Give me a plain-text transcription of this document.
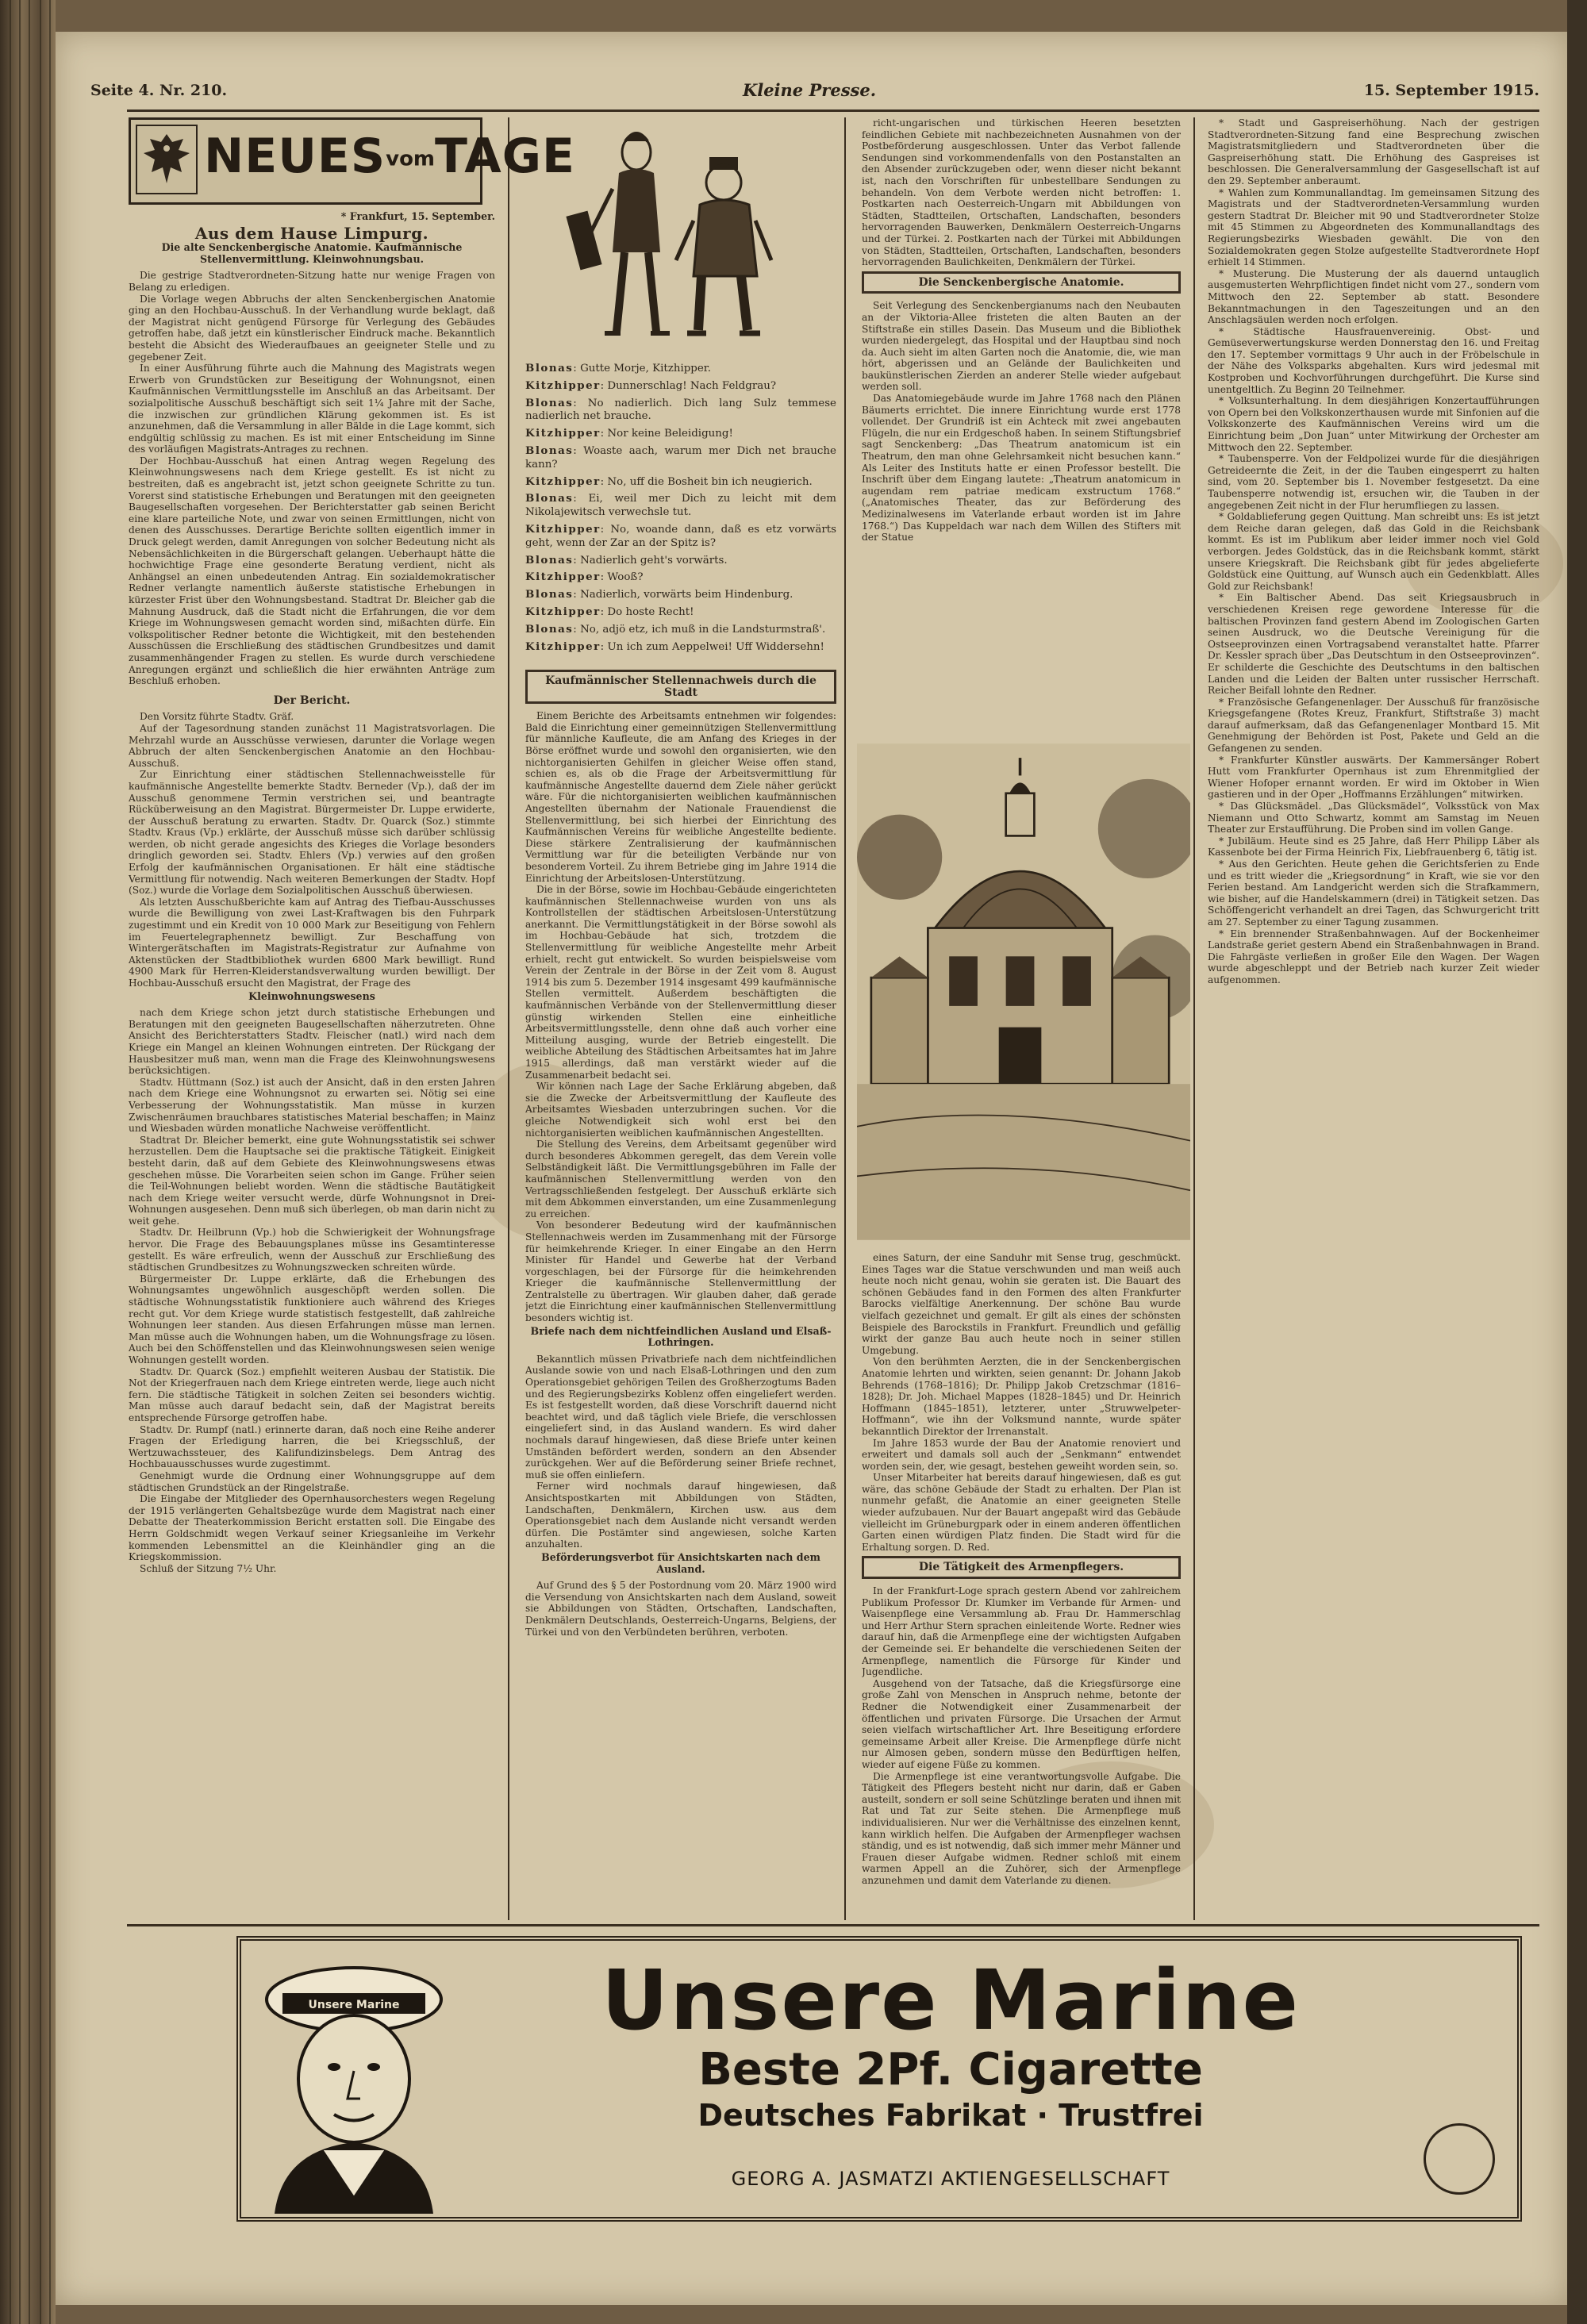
Seite 4. Nr. 210.	Kleine Presse.	15. September 1915.
NEUESvomTAGE
* Frankfurt, 15. September.
Aus dem Hause Limpurg.
Die alte Senckenbergische Anatomie. Kaufmännische Stellenvermittlung. Kleinwohnungsbau.

Die gestrige Stadtverordneten-Sitzung hatte nur wenige Fragen von Belang zu erledigen.

Die Vorlage wegen Abbruchs der alten Senckenbergischen Anatomie ging an den Hochbau-Ausschuß. In der Verhandlung wurde beklagt, daß der Magistrat nicht genügend Fürsorge für Verlegung des Gebäudes getroffen habe, daß jetzt ein künstlerischer Eindruck mache. Bekanntlich besteht die Absicht des Wiederaufbaues an geeigneter Stelle und zu gegebener Zeit.

In einer Ausführung führte auch die Mahnung des Magistrats wegen Erwerb von Grundstücken zur Beseitigung der Wohnungsnot, einen Kaufmännischen Vermittlungsstelle im Anschluß an das Arbeitsamt. Der sozialpolitische Ausschuß beschäftigt sich seit 1¼ Jahre mit der Sache, die inzwischen zur gründlichen Klärung gekommen ist. Es ist anzunehmen, daß die Versammlung in aller Bälde in die Lage kommt, sich endgültig schlüssig zu machen. Es ist mit einer Entscheidung im Sinne des vorläufigen Magistrats-Antrages zu rechnen.

Der Hochbau-Ausschuß hat einen Antrag wegen Regelung des Kleinwohnungswesens nach dem Kriege gestellt. Es ist nicht zu bestreiten, daß es angebracht ist, jetzt schon geeignete Schritte zu tun. Vorerst sind statistische Erhebungen und Beratungen mit den geeigneten Baugesellschaften vorgesehen. Der Berichterstatter gab seinen Bericht eine klare parteiliche Note, und zwar von seinen Ermittlungen, nicht von denen des Ausschusses. Derartige Berichte sollten eigentlich immer in Druck gelegt werden, damit Anregungen von solcher Bedeutung nicht als Nebensächlichkeiten in die Bürgerschaft gelangen. Ueberhaupt hätte die hochwichtige Frage eine gesonderte Beratung verdient, nicht als Anhängsel an einen unbedeutenden Antrag. Ein sozialdemokratischer Redner verlangte namentlich äußerste statistische Erhebungen in kürzester Frist über den Wohnungsbestand. Stadtrat Dr. Bleicher gab die Mahnung Ausdruck, daß die Stadt nicht die Erfahrungen, die vor dem Kriege im Wohnungswesen gemacht worden sind, mißachten dürfe. Ein volkspolitischer Redner betonte die Wichtigkeit, mit den bestehenden Ausschüssen die Erschließung des städtischen Grundbesitzes und damit zusammenhängender Fragen zu stellen. Es wurde durch verschiedene Anregungen ergänzt und schließlich die hier erwähnten Anträge zum Beschluß erhoben.

Der Bericht.

Den Vorsitz führte Stadtv. Gräf.

Auf der Tagesordnung standen zunächst 11 Magistratsvorlagen. Die Mehrzahl wurde an Ausschüsse verwiesen, darunter die Vorlage wegen Abbruch der alten Senckenbergischen Anatomie an den Hochbau-Ausschuß.

Zur Einrichtung einer städtischen Stellennachweisstelle für kaufmännische Angestellte bemerkte Stadtv. Berneder (Vp.), daß der im Ausschuß genommene Termin verstrichen sei, und beantragte Rücküberweisung an den Magistrat. Bürgermeister Dr. Luppe erwiderte, der Ausschuß beratung zu erwarten. Stadtv. Dr. Quarck (Soz.) stimmte Stadtv. Kraus (Vp.) erklärte, der Ausschuß müsse sich darüber schlüssig werden, ob nicht gerade angesichts des Krieges die Vorlage besonders dringlich geworden sei. Stadtv. Ehlers (Vp.) verwies auf den großen Erfolg der kaufmännischen Organisationen. Er hält eine städtische Vermittlung für notwendig. Nach weiteren Bemerkungen der Stadtv. Hopf (Soz.) wurde die Vorlage dem Sozialpolitischen Ausschuß überwiesen.

Als letzten Ausschußberichte kam auf Antrag des Tiefbau-Ausschusses wurde die Bewilligung von zwei Last-Kraftwagen bis den Fuhrpark zugestimmt und ein Kredit von 10 000 Mark zur Beseitigung von Fehlern im Feuertelegraphennetz bewilligt. Zur Beschaffung von Wintergerätschaften im Magistrats-Registratur zur Aufnahme von Aktenstücken der Stadtbibliothek wurden 6800 Mark bewilligt. Rund 4900 Mark für Herren-Kleiderstandsverwaltung wurden bewilligt. Der Hochbau-Ausschuß ersucht den Magistrat, der Frage des

Kleinwohnungswesens

nach dem Kriege schon jetzt durch statistische Erhebungen und Beratungen mit den geeigneten Baugesellschaften näherzutreten. Ohne Ansicht des Berichterstatters Stadtv. Fleischer (natl.) wird nach dem Kriege ein Mangel an kleinen Wohnungen eintreten. Der Rückgang der Hausbesitzer muß man, wenn man die Frage des Kleinwohnungswesens berücksichtigen.

Stadtv. Hüttmann (Soz.) ist auch der Ansicht, daß in den ersten Jahren nach dem Kriege eine Wohnungsnot zu erwarten sei. Nötig sei eine Verbesserung der Wohnungsstatistik. Man müsse in kurzen Zwischenräumen brauchbares statistisches Material beschaffen; in Mainz und Wiesbaden würden monatliche Nachweise veröffentlicht.

Stadtrat Dr. Bleicher bemerkt, eine gute Wohnungsstatistik sei schwer herzustellen. Dem die Hauptsache sei die praktische Tätigkeit. Einigkeit besteht darin, daß auf dem Gebiete des Kleinwohnungswesens etwas geschehen müsse. Die Vorarbeiten seien schon im Gange. Früher seien die Teil-Wohnungen beliebt worden. Wenn die städtische Bautätigkeit nach dem Kriege weiter versucht werde, dürfe Wohnungsnot in Drei-Wohnungen ausgesehen. Denn muß sich überlegen, ob man darin nicht zu weit gehe.

Stadtv. Dr. Heilbrunn (Vp.) hob die Schwierigkeit der Wohnungsfrage hervor. Die Frage des Bebauungsplanes müsse ins Gesamtinteresse gestellt. Es wäre erfreulich, wenn der Ausschuß zur Erschließung des städtischen Grundbesitzes zu Wohnungszwecken schreiten würde.

Bürgermeister Dr. Luppe erklärte, daß die Erhebungen des Wohnungsamtes ungewöhnlich ausgeschöpft werden sollen. Die städtische Wohnungsstatistik funktioniere auch während des Krieges recht gut. Vor dem Kriege wurde statistisch festgestellt, daß zahlreiche Wohnungen leer standen. Aus diesen Erfahrungen müsse man lernen. Man müsse auch die Wohnungen haben, um die Wohnungsfrage zu lösen. Auch bei den Schöffenstellen und das Kleinwohnungswesen seien wenige Wohnungen gestellt worden.

Stadtv. Dr. Quarck (Soz.) empfiehlt weiteren Ausbau der Statistik. Die Not der Kriegerfrauen nach dem Kriege eintreten werde, liege auch nicht fern. Die städtische Tätigkeit in solchen Zeiten sei besonders wichtig. Man müsse auch darauf bedacht sein, daß der Magistrat bereits entsprechende Fürsorge getroffen habe.

Stadtv. Dr. Rumpf (natl.) erinnerte daran, daß noch eine Reihe anderer Fragen der Erledigung harren, die bei Kriegsschluß, der Wertzuwachssteuer, des Kalifundizinsbelegs. Dem Antrag des Hochbauausschusses wurde zugestimmt.

Genehmigt wurde die Ordnung einer Wohnungsgruppe auf dem städtischen Grundstück an der Ringelstraße.

Die Eingabe der Mitglieder des Opernhausorchesters wegen Regelung der 1915 verlängerten Gehaltsbezüge wurde dem Magistrat nach einer Debatte der Theaterkommission Bericht erstatten soll. Die Eingabe des Herrn Goldschmidt wegen Verkauf seiner Kriegsanleihe im Verkehr kommenden Lebensmittel an die Kleinhändler ging an die Kriegskommission.

Schluß der Sitzung 7½ Uhr.

Blonas: Gutte Morje, Kitzhipper.

Kitzhipper: Dunnerschlag! Nach Feldgrau?

Blonas: No nadierlich. Dich lang Sulz temmese nadierlich net brauche.

Kitzhipper: Nor keine Beleidigung!

Blonas: Woaste aach, warum mer Dich net brauche kann?

Kitzhipper: No, uff die Bosheit bin ich neugierich.

Blonas: Ei, weil mer Dich zu leicht mit dem Nikolajewitsch verwechsle tut.

Kitzhipper: No, woande dann, daß es etz vorwärts geht, wenn der Zar an der Spitz is?

Blonas: Nadierlich geht's vorwärts.

Kitzhipper: Wooß?

Blonas: Nadierlich, vorwärts beim Hindenburg.

Kitzhipper: Do hoste Recht!

Blonas: No, adjö etz, ich muß in die Landsturmstraß'.

Kitzhipper: Un ich zum Aeppelwei! Uff Widdersehn!

Kaufmännischer Stellennachweis durch die Stadt

Einem Berichte des Arbeitsamts entnehmen wir folgendes: Bald die Einrichtung einer gemeinnützigen Stellenvermittlung für männliche Kaufleute, die am Anfang des Krieges in der Börse eröffnet wurde und sowohl den organisierten, wie den nichtorganisierten Gehilfen in gleicher Weise offen stand, schien es, als ob die Frage der Arbeitsvermittlung für kaufmännische Angestellte dauernd dem Ziele näher gerückt wäre. Für die nichtorganisierten weiblichen kaufmännischen Angestellten übernahm der Nationale Frauendienst die Stellenvermittlung, bei sich hierbei der Einrichtung des Kaufmännischen Vereins für weibliche Angestellte bediente. Diese stärkere Zentralisierung der kaufmännischen Vermittlung war für die beteiligten Verbände nur von besonderem Vorteil. Zu ihrem Betriebe ging im Jahre 1914 die Einrichtung der Arbeitslosen-Unterstützung.

Die in der Börse, sowie im Hochbau-Gebäude eingerichteten kaufmännischen Stellennachweise wurden von uns als Kontrollstellen der städtischen Arbeitslosen-Unterstützung anerkannt. Die Vermittlungstätigkeit in der Börse sowohl als im Hochbau-Gebäude hat sich, trotzdem die Stellenvermittlung für weibliche Angestellte mehr Arbeit erhielt, recht gut entwickelt. So wurden beispielsweise vom Verein der Zentrale in der Börse in der Zeit vom 8. August 1914 bis zum 5. Dezember 1914 insgesamt 499 kaufmännische Stellen vermittelt. Außerdem beschäftigten die kaufmännischen Verbände von der Stellenvermittlung dieser günstig wirkenden Stellen eine einheitliche Arbeitsvermittlungsstelle, denn ohne daß auch vorher eine Mitteilung ausging, wurde der Betrieb eingestellt. Die weibliche Abteilung des Städtischen Arbeitsamtes hat im Jahre 1915 allerdings, daß man verstärkt wieder auf die Zusammenarbeit bedacht sei.

Wir können nach Lage der Sache Erklärung abgeben, daß sie die Zwecke der Arbeitsvermittlung der Kaufleute des Arbeitsamtes Wiesbaden unterzubringen suchen. Vor die gleiche Notwendigkeit sich wohl erst bei den nichtorganisierten weiblichen kaufmännischen Angestellten.

Die Stellung des Vereins, dem Arbeitsamt gegenüber wird durch besonderes Abkommen geregelt, das dem Verein volle Selbständigkeit läßt. Die Vermittlungsgebühren im Falle der kaufmännischen Stellenvermittlung werden von den Vertragsschließenden festgelegt. Der Ausschuß erklärte sich mit dem Abkommen einverstanden, um eine Zusammenlegung zu erreichen.

Von besonderer Bedeutung wird der kaufmännischen Stellennachweis werden im Zusammenhang mit der Fürsorge für heimkehrende Krieger. In einer Eingabe an den Herrn Minister für Handel und Gewerbe hat der Verband vorgeschlagen, bei der Fürsorge für die heimkehrenden Krieger die kaufmännische Stellenvermittlung der Zentralstelle zu übertragen. Wir glauben daher, daß gerade jetzt die Einrichtung einer kaufmännischen Stellenvermittlung besonders wichtig ist.

Briefe nach dem nichtfeindlichen Ausland und Elsaß-Lothringen.

Bekanntlich müssen Privatbriefe nach dem nichtfeindlichen Auslande sowie von und nach Elsaß-Lothringen und den zum Operationsgebiet gehörigen Teilen des Großherzogtums Baden und des Regierungsbezirks Koblenz offen eingeliefert werden. Es ist festgestellt worden, daß diese Vorschrift dauernd nicht beachtet wird, und daß täglich viele Briefe, die verschlossen eingeliefert sind, in das Ausland wandern. Es wird daher nochmals darauf hingewiesen, daß diese Briefe unter keinen Umständen befördert werden, sondern an den Absender zurückgehen. Wer auf die Beförderung seiner Briefe rechnet, muß sie offen einliefern.

Ferner wird nochmals darauf hingewiesen, daß Ansichtspostkarten mit Abbildungen von Städten, Landschaften, Denkmälern, Kirchen usw. aus dem Operationsgebiet nach dem Auslande nicht versandt werden dürfen. Die Postämter sind angewiesen, solche Karten anzuhalten.

Beförderungsverbot für Ansichtskarten nach dem Ausland.

Auf Grund des § 5 der Postordnung vom 20. März 1900 wird die Versendung von Ansichtskarten nach dem Ausland, soweit sie Abbildungen von Städten, Ortschaften, Landschaften, Denkmälern Deutschlands, Oesterreich-Ungarns, Belgiens, der Türkei und von den Verbündeten berühren, verboten.

richt-ungarischen und türkischen Heeren besetzten feindlichen Gebiete mit nachbezeichneten Ausnahmen von der Postbeförderung ausgeschlossen. Unter das Verbot fallende Sendungen sind vorkommendenfalls von den Postanstalten an den Absender zurückzugeben oder, wenn dieser nicht bekannt ist, nach den Vorschriften für unbestellbare Sendungen zu behandeln. Von dem Verbote werden nicht betroffen: 1. Postkarten nach Oesterreich-Ungarn mit Abbildungen von Städten, Stadtteilen, Ortschaften, Landschaften, besonders hervorragenden Bauwerken, Denkmälern Oesterreich-Ungarns und der Türkei. 2. Postkarten nach der Türkei mit Abbildungen von Städten, Stadtteilen, Ortschaften, Landschaften, besonders hervorragenden Baulichkeiten, Denkmälern der Türkei.

Die Senckenbergische Anatomie.

Seit Verlegung des Senckenbergianums nach den Neubauten an der Viktoria-Allee fristeten die alten Bauten an der Stiftstraße ein stilles Dasein. Das Museum und die Bibliothek wurden niedergelegt, das Hospital und der Hauptbau sind noch da. Auch sieht im alten Garten noch die Anatomie, die, wie man hört, abgerissen und an Gelände der Baulichkeiten und baukünstlerischen Zierden an anderer Stelle wieder aufgebaut werden soll.

Das Anatomiegebäude wurde im Jahre 1768 nach den Plänen Bäumerts errichtet. Die innere Einrichtung wurde erst 1778 vollendet. Der Grundriß ist ein Achteck mit zwei angebauten Flügeln, die nur ein Erdgeschoß haben. In seinem Stiftungsbrief sagt Senckenberg: „Das Theatrum anatomicum ist ein Theatrum, den man ohne Gelehrsamkeit nicht besuchen kann.“ Als Leiter des Instituts hatte er einen Professor bestellt. Die Inschrift über dem Eingang lautete: „Theatrum anatomicum in augendam rem patriae medicam exstructum 1768.“ („Anatomisches Theater, das zur Beförderung des Medizinalwesens im Vaterlande erbaut worden ist im Jahre 1768.“) Das Kuppeldach war nach dem Willen des Stifters mit der Statue

eines Saturn, der eine Sanduhr mit Sense trug, geschmückt. Eines Tages war die Statue verschwunden und man weiß auch heute noch nicht genau, wohin sie geraten ist. Die Bauart des schönen Gebäudes fand in den Formen des alten Frankfurter Barocks vielfältige Anerkennung. Der schöne Bau wurde vielfach gezeichnet und gemalt. Er gilt als eines der schönsten Beispiele des Barockstils in Frankfurt. Freundlich und gefällig wirkt der ganze Bau auch heute noch in seiner stillen Umgebung.

Von den berühmten Aerzten, die in der Senckenbergischen Anatomie lehrten und wirkten, seien genannt: Dr. Johann Jakob Behrends (1768–1816); Dr. Philipp Jakob Cretzschmar (1816–1828); Dr. Joh. Michael Mappes (1828–1845) und Dr. Heinrich Hoffmann (1845–1851), letzterer, unter „Struwwelpeter-Hoffmann“, wie ihn der Volksmund nannte, wurde später bekanntlich Direktor der Irrenanstalt.

Im Jahre 1853 wurde der Bau der Anatomie renoviert und erweitert und damals soll auch der „Senkmann“ entwendet worden sein, der, wie gesagt, bestehen geweiht worden sein, so.

Unser Mitarbeiter hat bereits darauf hingewiesen, daß es gut wäre, das schöne Gebäude der Stadt zu erhalten. Der Plan ist nunmehr gefaßt, die Anatomie an einer geeigneten Stelle wieder aufzubauen. Nur der Bauart angepaßt wird das Gebäude vielleicht im Grüneburgpark oder in einem anderen öffentlichen Garten einen würdigen Platz finden. Die Stadt wird für die Erhaltung sorgen. D. Red.

Die Tätigkeit des Armenpflegers.

In der Frankfurt-Loge sprach gestern Abend vor zahlreichem Publikum Professor Dr. Klumker im Verbande für Armen- und Waisenpflege eine Versammlung ab. Frau Dr. Hammerschlag und Herr Arthur Stern sprachen einleitende Worte. Redner wies darauf hin, daß die Armenpflege eine der wichtigsten Aufgaben der Gemeinde sei. Er behandelte die verschiedenen Seiten der Armenpflege, namentlich die Fürsorge für Kinder und Jugendliche.

Ausgehend von der Tatsache, daß die Kriegsfürsorge eine große Zahl von Menschen in Anspruch nehme, betonte der Redner die Notwendigkeit einer Zusammenarbeit der öffentlichen und privaten Fürsorge. Die Ursachen der Armut seien vielfach wirtschaftlicher Art. Ihre Beseitigung erfordere gemeinsame Arbeit aller Kreise. Die Armenpflege dürfe nicht nur Almosen geben, sondern müsse den Bedürftigen helfen, wieder auf eigene Füße zu kommen.

Die Armenpflege ist eine verantwortungsvolle Aufgabe. Die Tätigkeit des Pflegers besteht nicht nur darin, daß er Gaben austeilt, sondern er soll seine Schützlinge beraten und ihnen mit Rat und Tat zur Seite stehen. Die Armenpflege muß individualisieren. Nur wer die Verhältnisse des einzelnen kennt, kann wirklich helfen. Die Aufgaben der Armenpfleger wachsen ständig, und es ist notwendig, daß sich immer mehr Männer und Frauen dieser Aufgabe widmen. Redner schloß mit einem warmen Appell an die Zuhörer, sich der Armenpflege anzunehmen und damit dem Vaterlande zu dienen.

* Stadt und Gaspreiserhöhung. Nach der gestrigen Stadtverordneten-Sitzung fand eine Besprechung zwischen Magistratsmitgliedern und Stadtverordneten über die Gaspreiserhöhung statt. Die Erhöhung des Gaspreises ist beschlossen. Die Generalversammlung der Gasgesellschaft ist auf den 29. September anberaumt.

* Wahlen zum Kommunallandtag. Im gemeinsamen Sitzung des Magistrats und der Stadtverordneten-Versammlung wurden gestern Stadtrat Dr. Bleicher mit 90 und Stadtverordneter Stolze mit 45 Stimmen zu Abgeordneten des Kommunallandtags des Regierungsbezirks Wiesbaden gewählt. Die von den Sozialdemokraten gegen Stolze aufgestellte Stadtverordnete Hopf erhielt 14 Stimmen.

* Musterung. Die Musterung der als dauernd untauglich ausgemusterten Wehrpflichtigen findet nicht vom 27., sondern vom Mittwoch den 22. September ab statt. Besondere Bekanntmachungen in den Tageszeitungen und an den Anschlagsäulen werden noch erfolgen.

* Städtische Hausfrauenvereinig. Obst- und Gemüseverwertungskurse werden Donnerstag den 16. und Freitag den 17. September vormittags 9 Uhr auch in der Fröbelschule in der Nähe des Volksparks abgehalten. Kurs wird jedesmal mit Kostproben und Kochvorführungen durchgeführt. Die Kurse sind unentgeltlich. Zu Beginn 20 Teilnehmer.

* Volksunterhaltung. In dem diesjährigen Konzertaufführungen von Opern bei den Volkskonzerthausen wurde mit Sinfonien auf die Volkskonzerte des Kaufmännischen Vereins wird um die Einrichtung beim „Don Juan“ unter Mitwirkung der Orchester am Mittwoch den 22. September.

* Taubensperre. Von der Feldpolizei wurde für die diesjährigen Getreideernte die Zeit, in der die Tauben eingesperrt zu halten sind, vom 20. September bis 1. November festgesetzt. Da eine Taubensperre notwendig ist, ersuchen wir, die Tauben in der angegebenen Zeit nicht in der Flur herumfliegen zu lassen.

* Goldablieferung gegen Quittung. Man schreibt uns: Es ist jetzt dem Reiche daran gelegen, daß das Gold in die Reichsbank kommt. Es ist im Publikum aber leider immer noch viel Gold verborgen. Jedes Goldstück, das in die Reichsbank kommt, stärkt unsere Kriegskraft. Die Reichsbank gibt für jedes abgelieferte Goldstück eine Quittung, auf Wunsch auch ein Gedenkblatt. Alles Gold zur Reichsbank!

* Ein Baltischer Abend. Das seit Kriegsausbruch in verschiedenen Kreisen rege gewordene Interesse für die baltischen Provinzen fand gestern Abend im Zoologischen Garten seinen Ausdruck, wo die Deutsche Vereinigung für die Ostseeprovinzen einen Vortragsabend veranstaltet hatte. Pfarrer Dr. Kessler sprach über „Das Deutschtum in den Ostseeprovinzen“. Er schilderte die Geschichte des Deutschtums in den baltischen Landen und die Leiden der Balten unter russischer Herrschaft. Reicher Beifall lohnte den Redner.

* Französische Gefangenenlager. Der Ausschuß für französische Kriegsgefangene (Rotes Kreuz, Frankfurt, Stiftstraße 3) macht darauf aufmerksam, daß das Gefangenenlager Montbard 15. Mit Genehmigung der Behörden ist Post, Pakete und Geld an die Gefangenen zu senden.

* Frankfurter Künstler auswärts. Der Kammersänger Robert Hutt vom Frankfurter Opernhaus ist zum Ehrenmitglied der Wiener Hofoper ernannt worden. Er wird im Oktober in Wien gastieren und in der Oper „Hoffmanns Erzählungen“ mitwirken.

* Das Glücksmädel. „Das Glücksmädel“, Volksstück von Max Niemann und Otto Schwartz, kommt am Samstag im Neuen Theater zur Erstaufführung. Die Proben sind im vollen Gange.

* Jubiläum. Heute sind es 25 Jahre, daß Herr Philipp Läber als Kassenbote bei der Firma Heinrich Fix, Liebfrauenberg 6, tätig ist.

* Aus den Gerichten. Heute gehen die Gerichtsferien zu Ende und es tritt wieder die „Kriegsordnung“ in Kraft, wie sie vor den Ferien bestand. Am Landgericht werden sich die Strafkammern, wie bisher, auf die Handelskammern (drei) in Tätigkeit setzen. Das Schöffengericht verhandelt an drei Tagen, das Schwurgericht tritt am 27. September zu einer Tagung zusammen.

* Ein brennender Straßenbahnwagen. Auf der Bockenheimer Landstraße geriet gestern Abend ein Straßenbahnwagen in Brand. Die Fahrgäste verließen in großer Eile den Wagen. Der Wagen wurde abgeschleppt und der Betrieb nach kurzer Zeit wieder aufgenommen.

Unsere Marine	Unsere Marine
Beste 2Pf. Cigarette
Deutsches Fabrikat · Trustfrei
GEORG A. JASMATZI AKTIENGESELLSCHAFT
